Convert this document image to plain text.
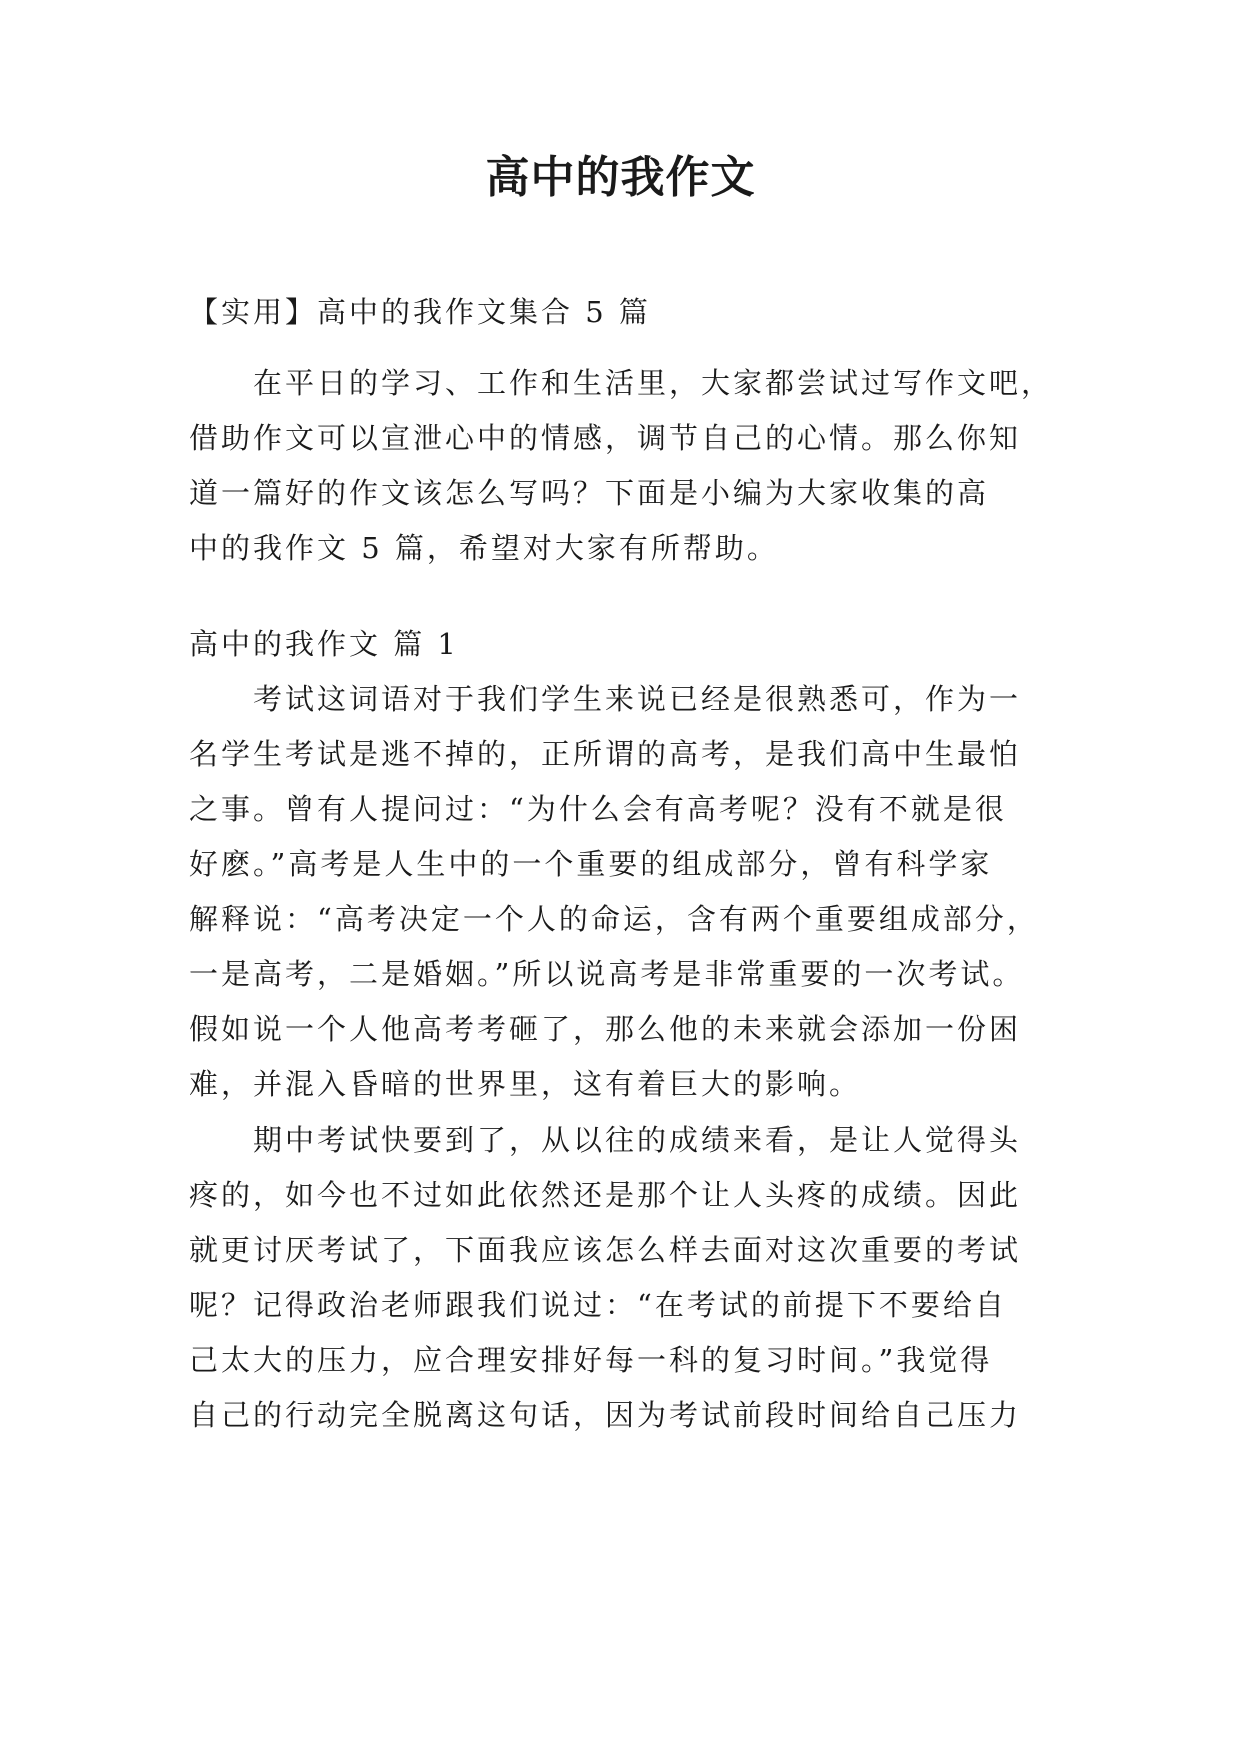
高中的我作文
【实用】高中的我作文集合 5 篇
在平日的学习、工作和生活里，大家都尝试过写作文吧，
借助作文可以宣泄心中的情感，调节自己的心情。那么你知
道一篇好的作文该怎么写吗？下面是小编为大家收集的高
中的我作文 5 篇，希望对大家有所帮助。
高中的我作文 篇 1
考试这词语对于我们学生来说已经是很熟悉可，作为一
名学生考试是逃不掉的，正所谓的高考，是我们高中生最怕
之事。曾有人提问过：“为什么会有高考呢？没有不就是很
好麽。”高考是人生中的一个重要的组成部分，曾有科学家
解释说：“高考决定一个人的命运，含有两个重要组成部分，
一是高考，二是婚姻。”所以说高考是非常重要的一次考试。
假如说一个人他高考考砸了，那么他的未来就会添加一份困
难，并混入昏暗的世界里，这有着巨大的影响。
期中考试快要到了，从以往的成绩来看，是让人觉得头
疼的，如今也不过如此依然还是那个让人头疼的成绩。因此
就更讨厌考试了，下面我应该怎么样去面对这次重要的考试
呢？记得政治老师跟我们说过：“在考试的前提下不要给自
己太大的压力，应合理安排好每一科的复习时间。”我觉得
自己的行动完全脱离这句话，因为考试前段时间给自己压力
